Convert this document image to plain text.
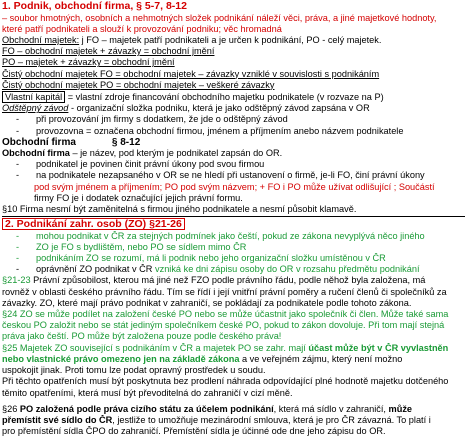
1. Podnik, obchodní firma, § 5-7, 8-12
– soubor hmotných, osobních a nehmotných složek podnikání náleží věci, práva, a jiné majetkové hodnoty,
které patří podnikateli a slouží k provozování podniku; věc hromadná
Obchodní majetek: j FO – majetek patří podnikateli a je určen k podnikání, PO - celý majetek.
FO – obchodní majetek + závazky = obchodní jmění
PO – majetek + závazky = obchodní jmění
Čistý obchodní majetek FO = obchodní majetek – závazky vzniklé v souvislosti s podnikáním
Čistý obchodní majetek PO = obchodní majetek – veškeré závazky
Vlastní kapitál = vlastní zdroje financování obchodního majetku podnikatele (v rozvaze na P)
Odštěpný závod - organizační složka podniku, která je jako odštěpný závod zapsána v OR
- při provozování jm firmy s dodatkem, že jde o odštěpný závod
- provozovna = označena obchodní firmou, jménem a příjmením anebo názvem podnikatele
Obchodní firma	§ 8-12
Obchodní firma – je název, pod kterým je podnikatel zapsán do OR.
- podnikatel je povinen činit právní úkony pod svou firmou
- na podnikatele nezapsaného v OR se ne hledí při ustanovení o firmě, je-li FO, činí právní úkony
pod svým jménem a příjmením; PO pod svým názvem; + FO i PO může užívat odlišující ; Součástí
firmy FO je i dodatek označující jejich právní formu.
§10 Firma nesmí být zaměnitelná s firmou jiného podnikatele a nesmí působit klamavě.
2. Podnikání zahr. osob (ZO) §21-26
- mohou podnikat v ČR za stejných podmínek jako čeští, pokud ze zákona nevyplývá něco jiného
- ZO je FO s bydlištěm, nebo PO se sídlem mimo ČR
- podnikáním ZO se rozumí, má li podnik nebo jeho organizační složku umístěnou v ČR
- oprávnění ZO podnikat v ČR vzniká ke dni zápisu osoby do OR v rozsahu předmětu podnikání
§21-23 Právní způsobilost, kterou má jiné než FZO podle právního řádu, podle něhož byla založena, má
rovněž v oblasti českého právního řádu. Tím se řídí i její vnitřní právní poměry a ručení členů či společníků za
závazky. ZO, které mají právo podnikat v zahraničí, se pokládají za podnikatele podle tohoto zákona.
§24 ZO se může podílet na založení české PO nebo se může účastnit jako společník či člen. Může také sama
českou PO založit nebo se stát jediným společníkem české PO, pokud to zákon dovoluje. Při tom mají stejná
práva jako čeští. PO může být založena pouze podle českého práva!
§25 Majetek ZO související s podnikáním v ČR a majetek PO se zahr. mají účast může být v ČR vyvlastněn
nebo vlastnické právo omezeno jen na základě zákona a ve veřejném zájmu, který není možno
uspokojit jinak. Proti tomu lze podat opravný prostředek u soudu.
Při těchto opatřeních musí být poskytnuta bez prodlení náhrada odpovídající plné hodnotě majetku dotčeného
těmito opatřeními, která musí být převoditelná do zahraničí v cizí měně.
§26 PO založená podle práva cizího státu za účelem podnikání, která má sídlo v zahraničí, může
přemístit své sídlo do ČR, jestliže to umožňuje mezinárodní smlouva, která je pro ČR závazná. To platí i
pro přemístění sídla ČPO do zahraničí. Přemístění sídla je účinné ode dne jeho zápisu do OR.
